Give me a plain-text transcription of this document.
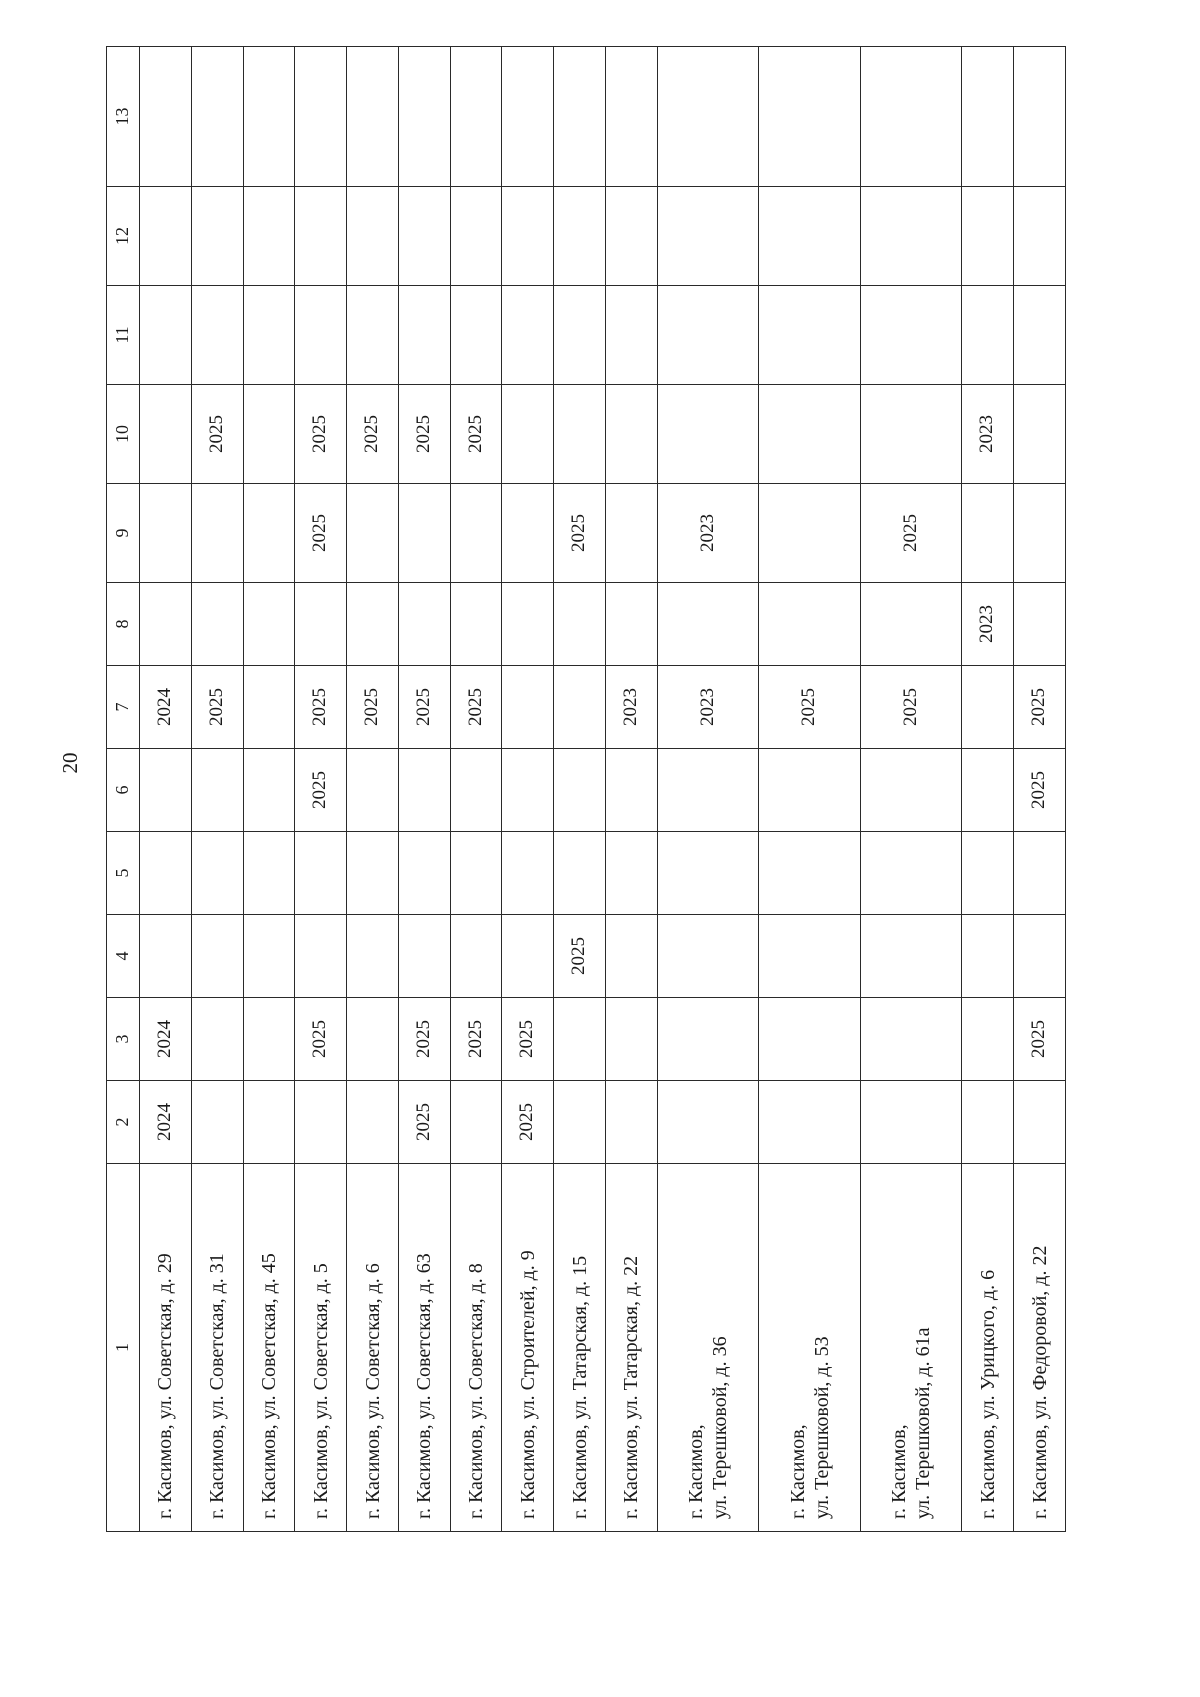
20
1	2	3	4	5	6	7	8	9	10	11	12	13

г. Касимов, ул. Советская, д. 29	2024	2024				2024						

г. Касимов, ул. Советская, д. 31						2025			2025			

г. Касимов, ул. Советская, д. 45												

г. Касимов, ул. Советская, д. 5		2025			2025	2025		2025	2025			

г. Касимов, ул. Советская, д. 6						2025			2025			

г. Касимов, ул. Советская, д. 63	2025	2025				2025			2025			

г. Касимов, ул. Советская, д. 8		2025				2025			2025			

г. Касимов, ул. Строителей, д. 9	2025	2025										

г. Касимов, ул. Татарская, д. 15			2025					2025				

г. Касимов, ул. Татарская, д. 22						2023						

г. Касимов, ул. Терешковой, д. 36						2023		2023				

г. Касимов, ул. Терешковой, д. 53						2025						

г. Касимов, ул. Терешковой, д. 61а						2025		2025				

г. Касимов, ул. Урицкого, д. 6							2023		2023			

г. Касимов, ул. Федоровой, д. 22		2025			2025	2025						
